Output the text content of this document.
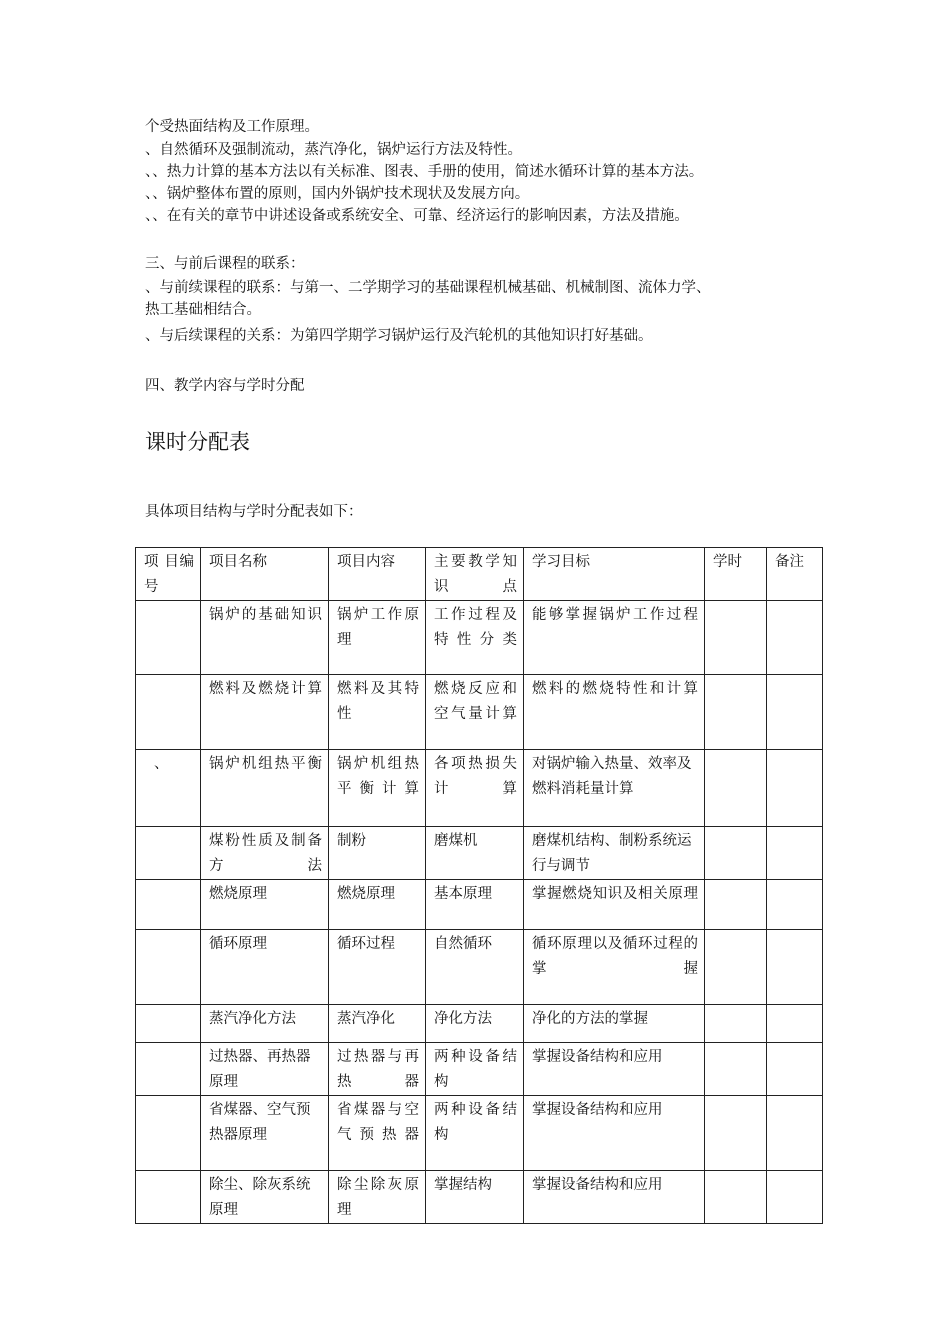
个受热面结构及工作原理。
、自然循环及强制流动，蒸汽净化，锅炉运行方法及特性。
、、热力计算的基本方法以有关标准、图表、手册的使用，简述水循环计算的基本方法。
、、锅炉整体布置的原则，国内外锅炉技术现状及发展方向。
、、在有关的章节中讲述设备或系统安全、可靠、经济运行的影响因素，方法及措施。
三、与前后课程的联系：
、与前续课程的联系：与第一、二学期学习的基础课程机械基础、机械制图、流体力学、
热工基础相结合。
、与后续课程的关系：为第四学期学习锅炉运行及汽轮机的其他知识打好基础。
四、教学内容与学时分配
课时分配表
具体项目结构与学时分配表如下：
项 目编 号	项目名称	项目内容	主要教学知识点	学习目标	学时	备注
	锅炉的基础知识	锅炉工作原理	工作过程及特性分类	能够掌握锅炉工作过程		
	燃料及燃烧计算	燃料及其特性	燃烧反应和空气量计算	燃料的燃烧特性和计算		
、	锅炉机组热平衡	锅炉机组热平衡计算	各项热损失计算	对锅炉输入热量、效率及燃料消耗量计算		
	煤粉性质及制备方法	制粉	磨煤机	磨煤机结构、制粉系统运行与调节		
	燃烧原理	燃烧原理	基本原理	掌握燃烧知识及相关原理		
	循环原理	循环过程	自然循环	循环原理以及循环过程的掌握		
	蒸汽净化方法	蒸汽净化	净化方法	净化的方法的掌握		
	过热器、再热器原理	过热器与再热器	两种设备结构	掌握设备结构和应用		
	省煤器、空气预热器原理	省煤器与空气预热器	两种设备结构	掌握设备结构和应用		
	除尘、除灰系统原理	除尘除灰原理	掌握结构	掌握设备结构和应用		
